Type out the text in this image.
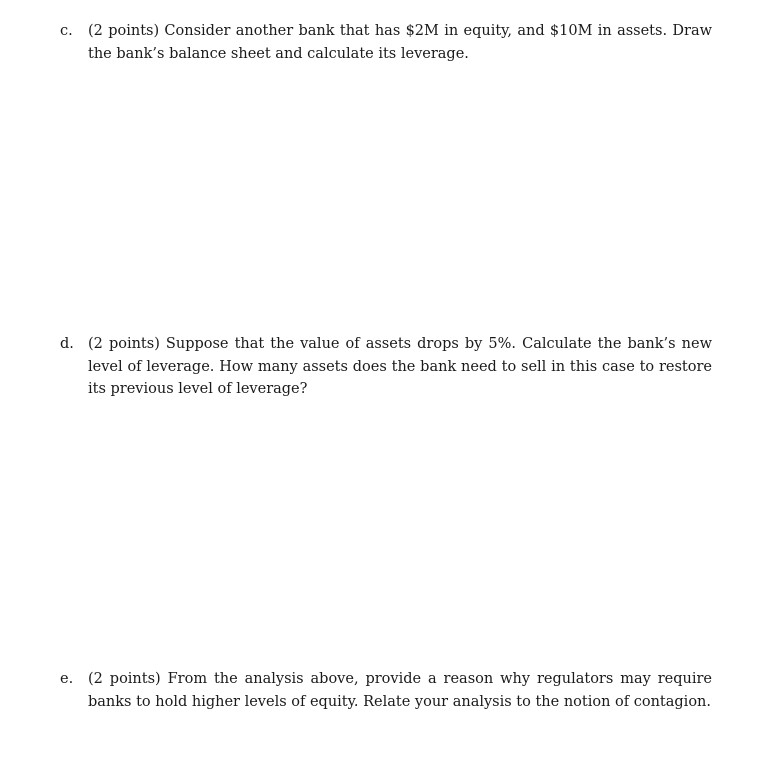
c.	(2 points) Consider another bank that has $2M in equity, and $10M in assets. Draw the bank’s balance sheet and calculate its leverage.
d. (2 points) Suppose that the value of assets drops by 5%. Calculate the bank’s new level of leverage. How many assets does the bank need to sell in this case to restore its previous level of leverage?
e.	(2 points) From the analysis above, provide a reason why regulators may require banks to hold higher levels of equity. Relate your analysis to the notion of contagion.
